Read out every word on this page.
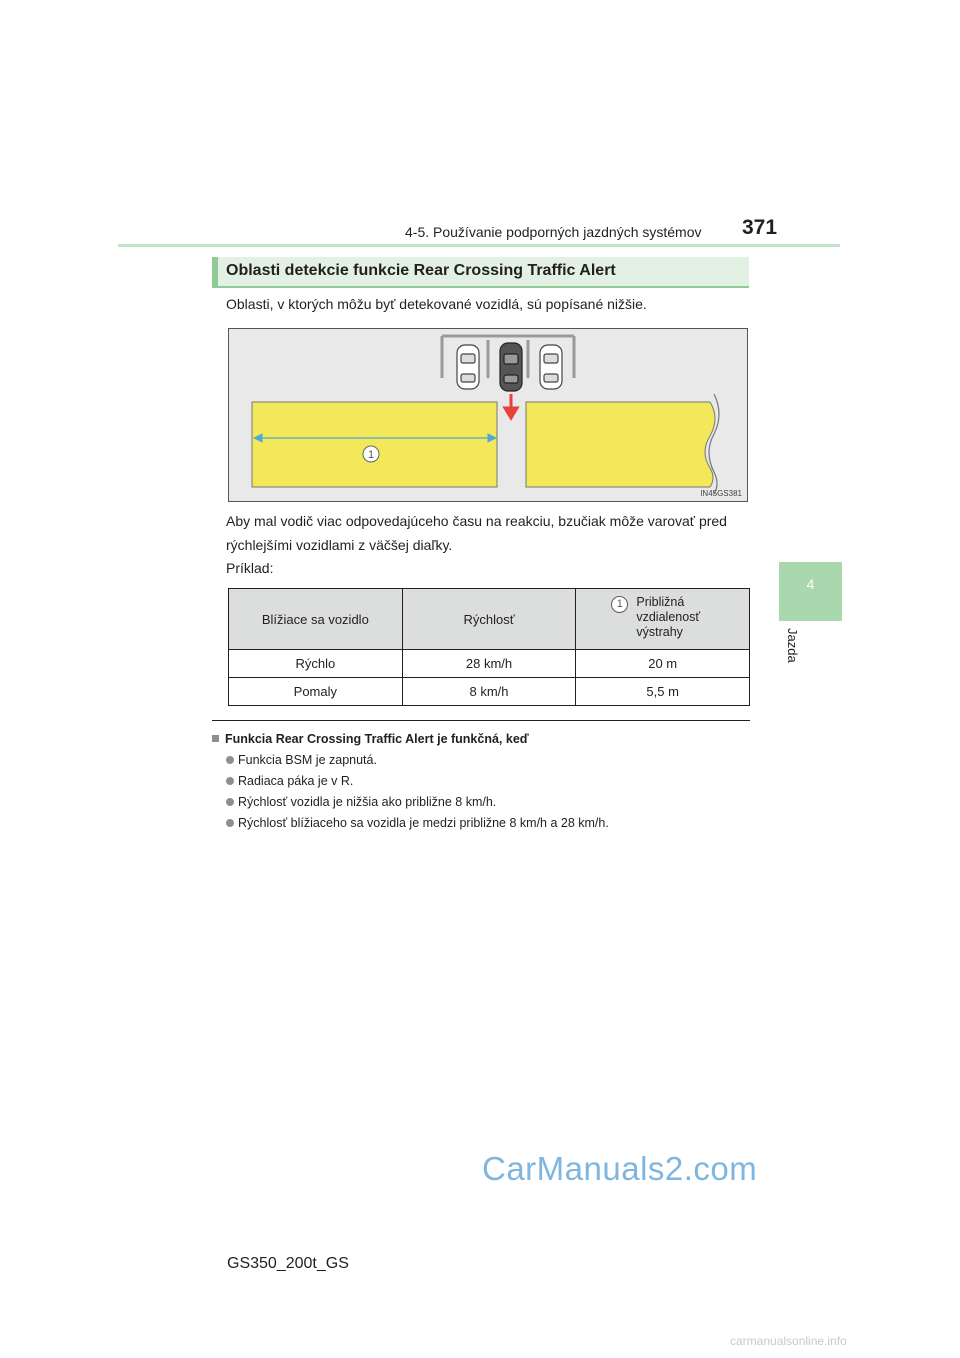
4-5. Používanie podporných jazdných systémov 371
4
Jazda
Oblasti detekcie funkcie Rear Crossing Traffic Alert
Oblasti, v ktorých môžu byť detekované vozidlá, sú popísané nižšie.
1
IN45GS381
Aby mal vodič viac odpovedajúceho času na reakciu, bzučiak môže varovať pred rýchlejšími vozidlami z väčšej diaľky.
Príklad:
Blížiace sa vozidlo	Rýchlosť	1 Približná vzdialenosť výstrahy

Rýchlo	28 km/h	20 m
Pomaly	8 km/h	5,5 m
Funkcia Rear Crossing Traffic Alert je funkčná, keď
Funkcia BSM je zapnutá.
Radiaca páka je v R.
Rýchlosť vozidla je nižšia ako približne 8 km/h.
Rýchlosť blížiaceho sa vozidla je medzi približne 8 km/h a 28 km/h.
CarManuals2.com
GS350_200t_GS
carmanualsonline.info
